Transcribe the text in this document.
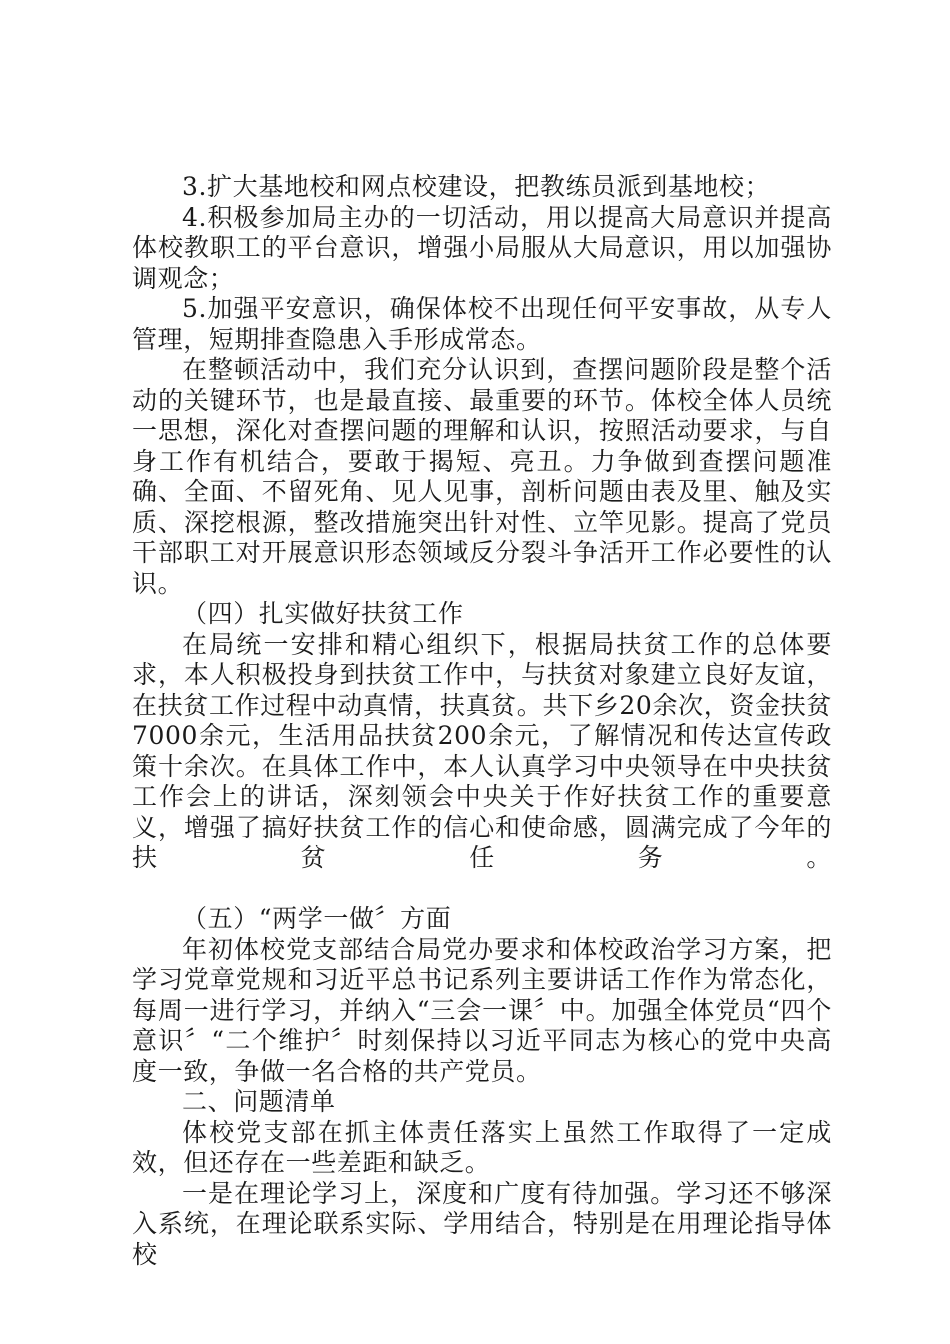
3.扩大基地校和网点校建设，把教练员派到基地校；

4.积极参加局主办的一切活动，用以提高大局意识并提高体校教职工的平台意识，增强小局服从大局意识，用以加强协调观念；

5.加强平安意识，确保体校不出现任何平安事故，从专人管理，短期排查隐患入手形成常态。

在整顿活动中，我们充分认识到，查摆问题阶段是整个活动的关键环节，也是最直接、最重要的环节。体校全体人员统一思想，深化对查摆问题的理解和认识，按照活动要求，与自身工作有机结合，要敢于揭短、亮丑。力争做到查摆问题准确、全面、不留死角、见人见事，剖析问题由表及里、触及实质、深挖根源，整改措施突出针对性、立竿见影。提高了党员干部职工对开展意识形态领域反分裂斗争活开工作必要性的认识。

（四）扎实做好扶贫工作

在局统一安排和精心组织下，根据局扶贫工作的总体要求，本人积极投身到扶贫工作中，与扶贫对象建立良好友谊，在扶贫工作过程中动真情，扶真贫。共下乡20余次，资金扶贫7000余元，生活用品扶贫200余元，了解情况和传达宣传政策十余次。在具体工作中，本人认真学习中央领导在中央扶贫工作会上的讲话，深刻领会中央关于作好扶贫工作的重要意义，增强了搞好扶贫工作的信心和使命感，圆满完成了今年的扶贫任务。

（五）“两学一做〞方面

年初体校党支部结合局党办要求和体校政治学习方案，把学习党章党规和习近平总书记系列主要讲话工作作为常态化，每周一进行学习，并纳入“三会一课〞中。加强全体党员“四个意识〞“二个维护〞时刻保持以习近平同志为核心的党中央高度一致，争做一名合格的共产党员。

二、问题清单

体校党支部在抓主体责任落实上虽然工作取得了一定成效，但还存在一些差距和缺乏。

一是在理论学习上，深度和广度有待加强。学习还不够深入系统，在理论联系实际、学用结合，特别是在用理论指导体校
